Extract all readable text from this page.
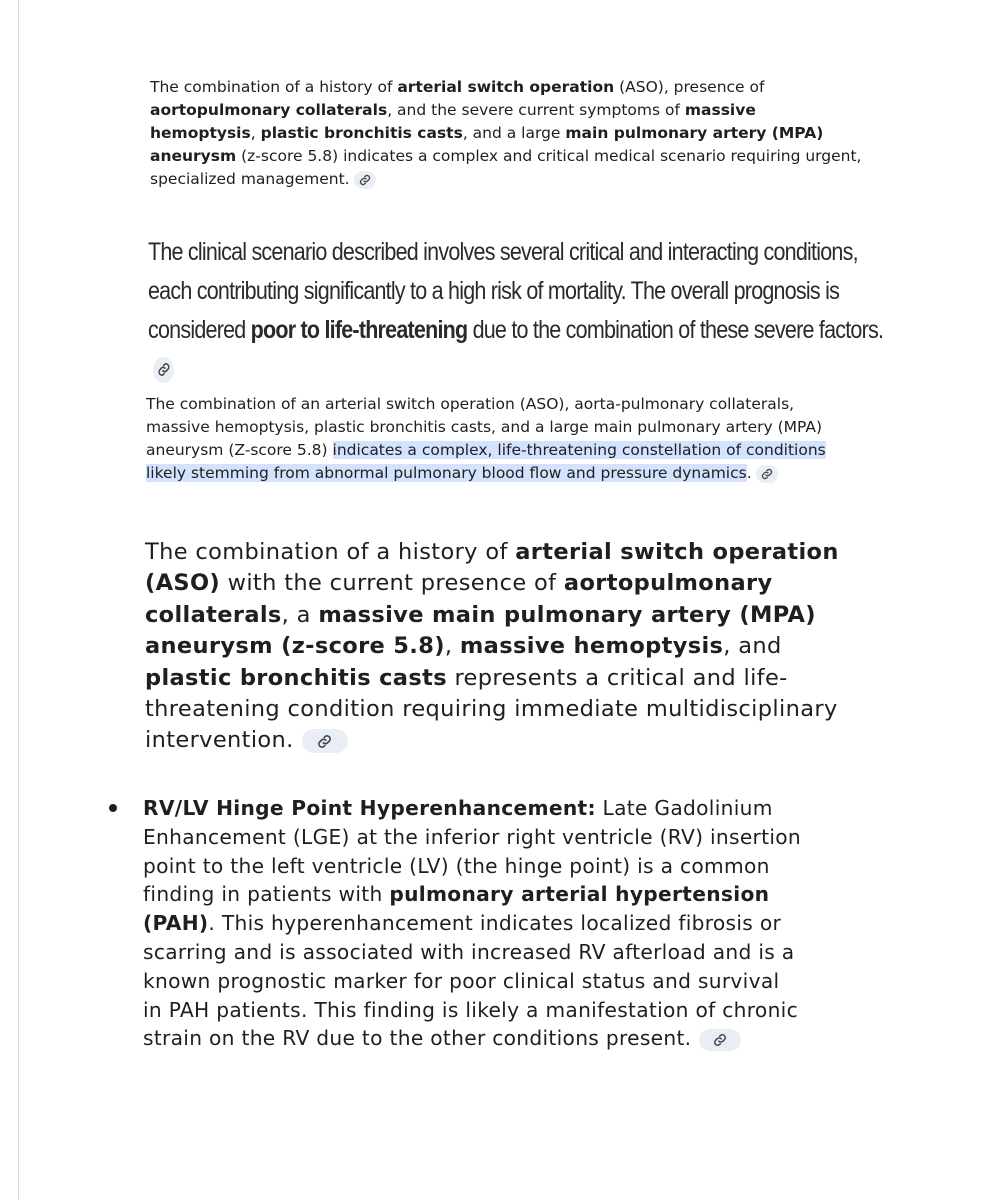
The combination of a history of arterial switch operation (ASO), presence of aortopulmonary collaterals, and the severe current symptoms of massive hemoptysis, plastic bronchitis casts, and a large main pulmonary artery (MPA) aneurysm (z-score 5.8) indicates a complex and critical medical scenario requiring urgent, specialized management.

The clinical scenario described involves several critical and interacting conditions, each contributing significantly to a high risk of mortality. The overall prognosis is considered poor to life-threatening due to the combination of these severe factors.

The combination of an arterial switch operation (ASO), aorta-pulmonary collaterals, massive hemoptysis, plastic bronchitis casts, and a large main pulmonary artery (MPA) aneurysm (Z-score 5.8) indicates a complex, life-threatening constellation of conditions likely stemming from abnormal pulmonary blood flow and pressure dynamics.

The combination of a history of arterial switch operation (ASO) with the current presence of aortopulmonary collaterals, a massive main pulmonary artery (MPA) aneurysm (z-score 5.8), massive hemoptysis, and plastic bronchitis casts represents a critical and life-threatening condition requiring immediate multidisciplinary intervention.

RV/LV Hinge Point Hyperenhancement: Late Gadolinium Enhancement (LGE) at the inferior right ventricle (RV) insertion point to the left ventricle (LV) (the hinge point) is a common finding in patients with pulmonary arterial hypertension (PAH). This hyperenhancement indicates localized fibrosis or scarring and is associated with increased RV afterload and is a known prognostic marker for poor clinical status and survival in PAH patients. This finding is likely a manifestation of chronic strain on the RV due to the other conditions present.
